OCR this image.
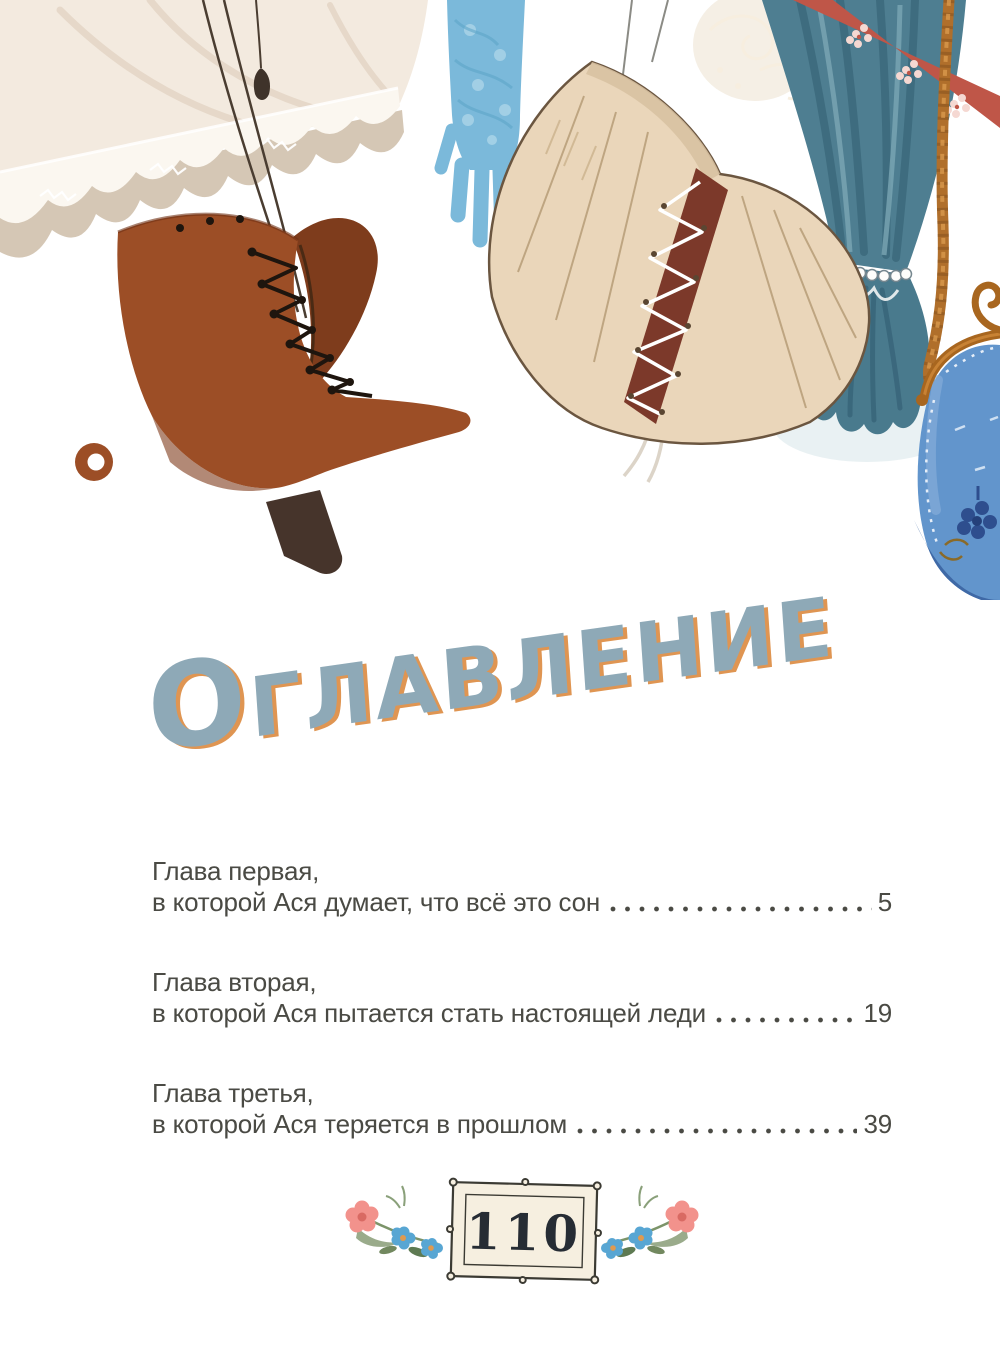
ОГЛАВЛЕНИЕ
Глава первая,
в которой Ася думает, что всё это сон	5
Глава вторая,
в которой Ася пытается стать настоящей леди	19
Глава третья,
в которой Ася теряется в прошлом	39
110
